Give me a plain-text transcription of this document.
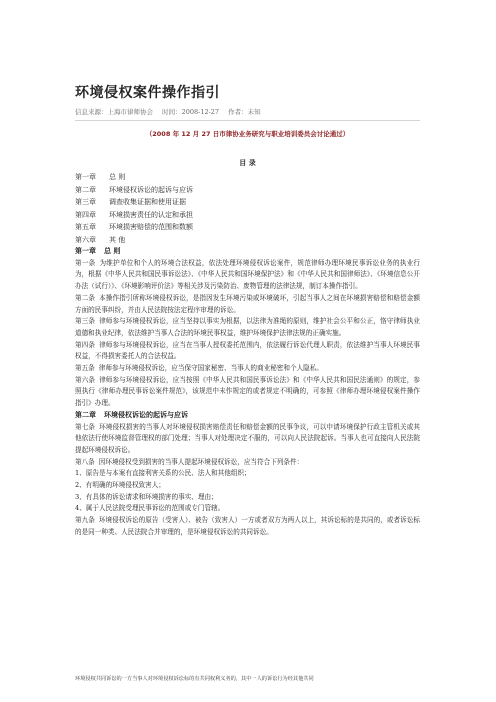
环境侵权案件操作指引
信息来源：上海市律师协会 时间：2008-12-27 作者：未知
（2008 年 12 月 27 日市律协业务研究与职业培训委员会讨论通过）
目 录
第一章 总 则
第二章 环境侵权诉讼的起诉与应诉
第三章 调查收集证据和使用证据
第四章 环境损害责任的认定和承担
第五章 环境损害赔偿的范围和数额
第六章 其 他
第一章 总 则

第一条 为维护单位和个人的环境合法权益，依法处理环境侵权诉讼案件，规范律师办理环境民事诉讼业务的执业行为，根据《中华人民共和国民事诉讼法》、《中华人民共和国环境保护法》和《中华人民共和国律师法》、《环境信息公开办法（试行）》、《环境影响评价法》等相关涉及污染防治、废物管理的法律法规，制订本操作指引。

第二条 本操作指引所称环境侵权诉讼，是指因发生环境污染或环境破坏，引起当事人之间在环境损害赔偿和赔偿金额方面的民事纠纷，并由人民法院按法定程序审理的诉讼。

第三条 律师参与环境侵权诉讼，应当坚持以事实为根据，以法律为准绳的原则，维护社会公平和公正，恪守律师执业道德和执业纪律，依法维护当事人合法的环境民事权益，维护环境保护法律法规的正确实施。

第四条 律师参与环境侵权诉讼，应当在当事人授权委托范围内，依法履行诉讼代理人职责，依法维护当事人环境民事权益，不得损害委托人的合法权益。

第五条 律师参与环境侵权诉讼，应当保守国家秘密、当事人的商业秘密和个人隐私。

第六条 律师参与环境侵权诉讼，应当按照《中华人民共和国民事诉讼法》和《中华人民共和国民法通则》的规定，参照执行《律师办理民事诉讼案件规范》，该规范中未作规定的或者规定不明确的，可参照《律师办理环境侵权案件操作指引》办理。

第二章 环境侵权诉讼的起诉与应诉

第七条 环境侵权损害的当事人对环境侵权损害赔偿责任和赔偿金额的民事争议，可以申请环境保护行政主管机关或其他依法行使环境监督管理权的部门处理；当事人对处理决定不服的，可以向人民法院起诉。当事人也可直接向人民法院提起环境侵权诉讼。

第八条 因环境侵权受到损害的当事人提起环境侵权诉讼，应当符合下列条件：

1、原告是与本案有直接利害关系的公民、法人和其他组织；

2、有明确的环境侵权致害人；

3、有具体的诉讼请求和环境损害的事实、理由；

4、属于人民法院受理民事诉讼的范围或专门管辖。

第九条 环境侵权诉讼的原告（受害人）、被告（致害人）一方或者双方为两人以上，其诉讼标的是共同的，或者诉讼标的是同一种类、人民法院合并审理的，是环境侵权诉讼的共同诉讼。

环境侵权共同诉讼的一方当事人对环境侵权诉讼标的有共同权利义务的，其中一人的诉讼行为经其他共同
